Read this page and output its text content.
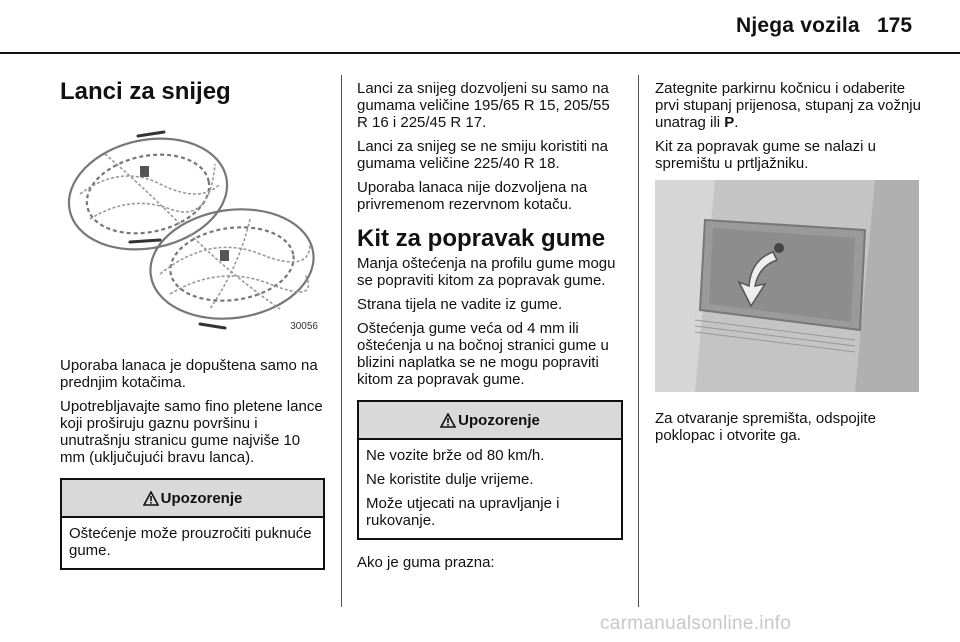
Njega vozila 175
Lanci za snijeg
30056

Uporaba lanaca je dopuštena samo na prednjim kotačima.

Upotrebljavajte samo fino pletene lance koji proširuju gaznu površinu i unutrašnju stranicu gume najviše 10 mm (uključujući bravu lanca).

Upozorenje

Oštećenje može prouzročiti puknuće gume.

Lanci za snijeg dozvoljeni su samo na gumama veličine 195/65 R 15, 205/55 R 16 i 225/45 R 17.

Lanci za snijeg se ne smiju koristiti na gumama veličine 225/40 R 18.

Uporaba lanaca nije dozvoljena na privremenom rezervnom kotaču.

Kit za popravak gume

Manja oštećenja na profilu gume mogu se popraviti kitom za popravak gume.

Strana tijela ne vadite iz gume.

Oštećenja gume veća od 4 mm ili oštećenja u na bočnoj stranici gume u blizini naplatka se ne mogu popraviti kitom za popravak gume.

Upozorenje

Ne vozite brže od 80 km/h.

Ne koristite dulje vrijeme.

Može utjecati na upravljanje i rukovanje.

Ako je guma prazna:

Zategnite parkirnu kočnicu i odaberite prvi stupanj prijenosa, stupanj za vožnju unatrag ili P.

Kit za popravak gume se nalazi u spremištu u prtljažniku.

Za otvaranje spremišta, odspojite poklopac i otvorite ga.

carmanualsonline.info
